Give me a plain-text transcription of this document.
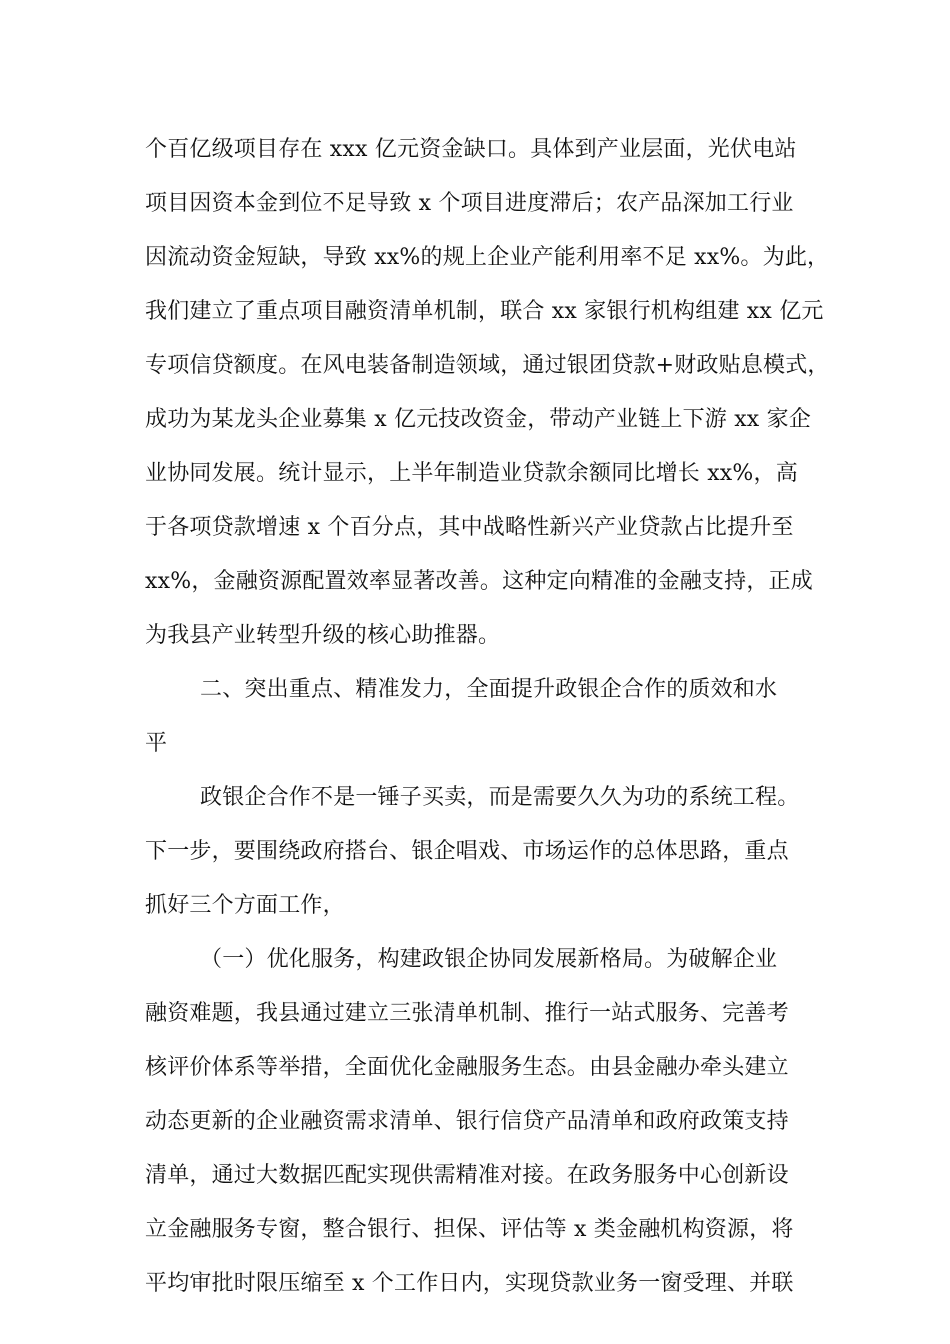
个百亿级项目存在 xxx 亿元资金缺口。具体到产业层面，光伏电站
项目因资本金到位不足导致 x 个项目进度滞后；农产品深加工行业
因流动资金短缺，导致 xx%的规上企业产能利用率不足 xx%。为此，
我们建立了重点项目融资清单机制，联合 xx 家银行机构组建 xx 亿元
专项信贷额度。在风电装备制造领域，通过银团贷款+财政贴息模式，
成功为某龙头企业募集 x 亿元技改资金，带动产业链上下游 xx 家企
业协同发展。统计显示，上半年制造业贷款余额同比增长 xx%，高
于各项贷款增速 x 个百分点，其中战略性新兴产业贷款占比提升至
xx%，金融资源配置效率显著改善。这种定向精准的金融支持，正成
为我县产业转型升级的核心助推器。
二、突出重点、精准发力，全面提升政银企合作的质效和水
平
政银企合作不是一锤子买卖，而是需要久久为功的系统工程。
下一步，要围绕政府搭台、银企唱戏、市场运作的总体思路，重点
抓好三个方面工作，
（一）优化服务，构建政银企协同发展新格局。为破解企业
融资难题，我县通过建立三张清单机制、推行一站式服务、完善考
核评价体系等举措，全面优化金融服务生态。由县金融办牵头建立
动态更新的企业融资需求清单、银行信贷产品清单和政府政策支持
清单，通过大数据匹配实现供需精准对接。在政务服务中心创新设
立金融服务专窗，整合银行、担保、评估等 x 类金融机构资源，将
平均审批时限压缩至 x 个工作日内，实现贷款业务一窗受理、并联
